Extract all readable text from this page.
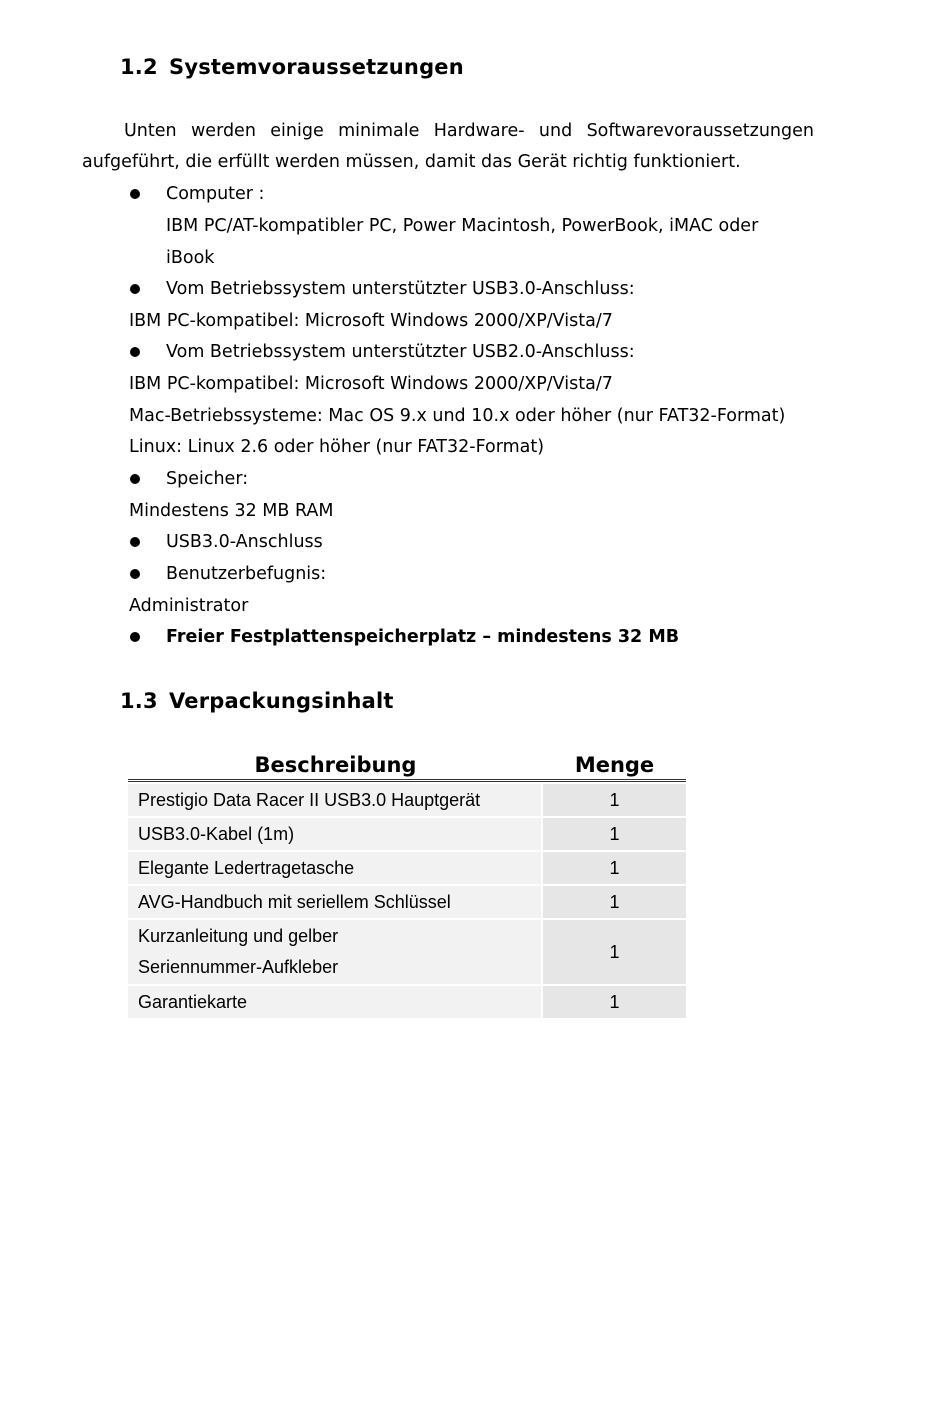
1.2 Systemvoraussetzungen

Unten werden einige minimale Hardware- und Softwarevoraussetzungen

aufgeführt, die erfüllt werden müssen, damit das Gerät richtig funktioniert.

Computer :

IBM PC/AT-kompatibler PC, Power Macintosh, PowerBook, iMAC oder

iBook

Vom Betriebssystem unterstützter USB3.0-Anschluss:

IBM PC-kompatibel: Microsoft Windows 2000/XP/Vista/7

Vom Betriebssystem unterstützter USB2.0-Anschluss:

IBM PC-kompatibel: Microsoft Windows 2000/XP/Vista/7

Mac-Betriebssysteme: Mac OS 9.x und 10.x oder höher (nur FAT32-Format)

Linux: Linux 2.6 oder höher (nur FAT32-Format)

Speicher:

Mindestens 32 MB RAM

USB3.0-Anschluss

Benutzerbefugnis:

Administrator

Freier Festplattenspeicherplatz – mindestens 32 MB

1.3 Verpackungsinhalt
Beschreibung	Menge
Prestigio Data Racer II USB3.0 Hauptgerät	1
USB3.0-Kabel (1m)	1
Elegante Ledertragetasche	1
AVG-Handbuch mit seriellem Schlüssel	1
Kurzanleitung und gelber
Seriennummer-Aufkleber	1
Garantiekarte	1
